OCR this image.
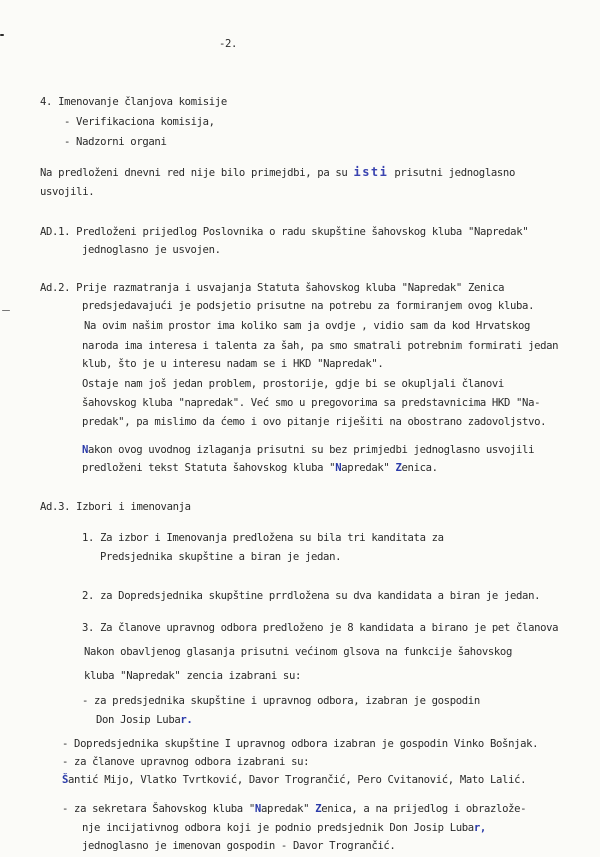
-2.
4. Imenovanje članjova komisije
- Verifikaciona komisija,
- Nadzorni organi
Na predloženi dnevni red nije bilo primejdbi, pa su isti prisutni jednoglasno
usvojili.
AD.1. Predloženi prijedlog Poslovnika o radu skupštine šahovskog kluba "Napredak"
jednoglasno je usvojen.
Ad.2. Prije razmatranja i usvajanja Statuta šahovskog kluba "Napredak" Zenica
predsjedavajući je podsjetio prisutne na potrebu za formiranjem ovog kluba.
Na ovim našim prostor ima koliko sam ja ovdje , vidio sam da kod Hrvatskog
naroda ima interesa i talenta za šah, pa smo smatrali potrebnim formirati jedan
klub, što je u interesu nadam se i HKD "Napredak".
Ostaje nam još jedan problem, prostorije, gdje bi se okupljali članovi
šahovskog kluba "napredak". Već smo u pregovorima sa predstavnicima HKD "Na-
predak", pa mislimo da ćemo i ovo pitanje riješiti na obostrano zadovoljstvo.
Nakon ovog uvodnog izlaganja prisutni su bez primjedbi jednoglasno usvojili
predloženi tekst Statuta šahovskog kluba "Napredak" Zenica.
Ad.3. Izbori i imenovanja
1. Za izbor i Imenovanja predložena su bila tri kanditata za
Predsjednika skupštine a biran je jedan.
2. za Dopredsjednika skupštine prrdložena su dva kandidata a biran je jedan.
3. Za članove upravnog odbora predloženo je 8 kandidata a birano je pet članova
Nakon obavljenog glasanja prisutni većinom glsova na funkcije šahovskog
kluba "Napredak" zencia izabrani su:
- za predsjednika skupštine i upravnog odbora, izabran je gospodin
Don Josip Lubar.
- Dopredsjednika skupštine I upravnog odbora izabran je gospodin Vinko Bošnjak.
- za članove upravnog odbora izabrani su:
Šantić Mijo, Vlatko Tvrtković, Davor Trogrančić, Pero Cvitanović, Mato Lalić.
- za sekretara Šahovskog kluba "Napredak" Zenica, a na prijedlog i obrazlože-
nje incijativnog odbora koji je podnio predsjednik Don Josip Lubar,
jednoglasno je imenovan gospodin - Davor Trogrančić.
